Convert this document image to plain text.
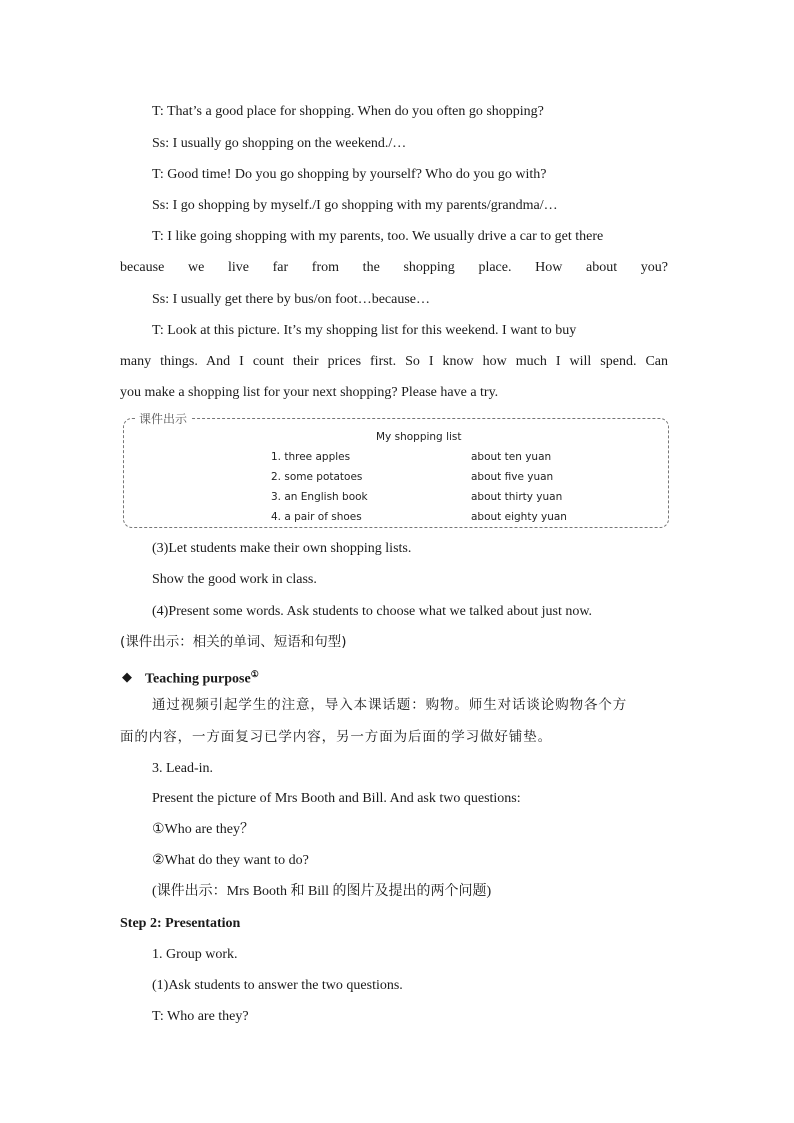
T: That’s a good place for shopping. When do you often go shopping?
Ss: I usually go shopping on the weekend./…
T: Good time! Do you go shopping by yourself? Who do you go with?
Ss: I go shopping by myself./I go shopping with my parents/grandma/…
T: I like going shopping with my parents, too. We usually drive a car to get there
because we live far from the shopping place. How about you?
Ss: I usually get there by bus/on foot…because…
T: Look at this picture. It’s my shopping list for this weekend. I want to buy
many things. And I count their prices first. So I know how much I will spend. Can
you make a shopping list for your next shopping? Please have a try.
课件出示
My shopping list
1. three apples	about ten yuan
2. some potatoes	about five yuan
3. an English book	about thirty yuan
4. a pair of shoes	about eighty yuan
(3)Let students make their own shopping lists.
Show the good work in class.
(4)Present some words. Ask students to choose what we talked about just now.
(课件出示：相关的单词、短语和句型)
◆ Teaching purpose①
通过视频引起学生的注意，导入本课话题：购物。师生对话谈论购物各个方
面的内容，一方面复习已学内容，另一方面为后面的学习做好铺垫。
3. Lead-in.
Present the picture of Mrs Booth and Bill. And ask two questions:
①Who are they？
②What do they want to do?
(课件出示：Mrs Booth 和 Bill 的图片及提出的两个问题)
Step 2: Presentation
1. Group work.
(1)Ask students to answer the two questions.
T: Who are they?
